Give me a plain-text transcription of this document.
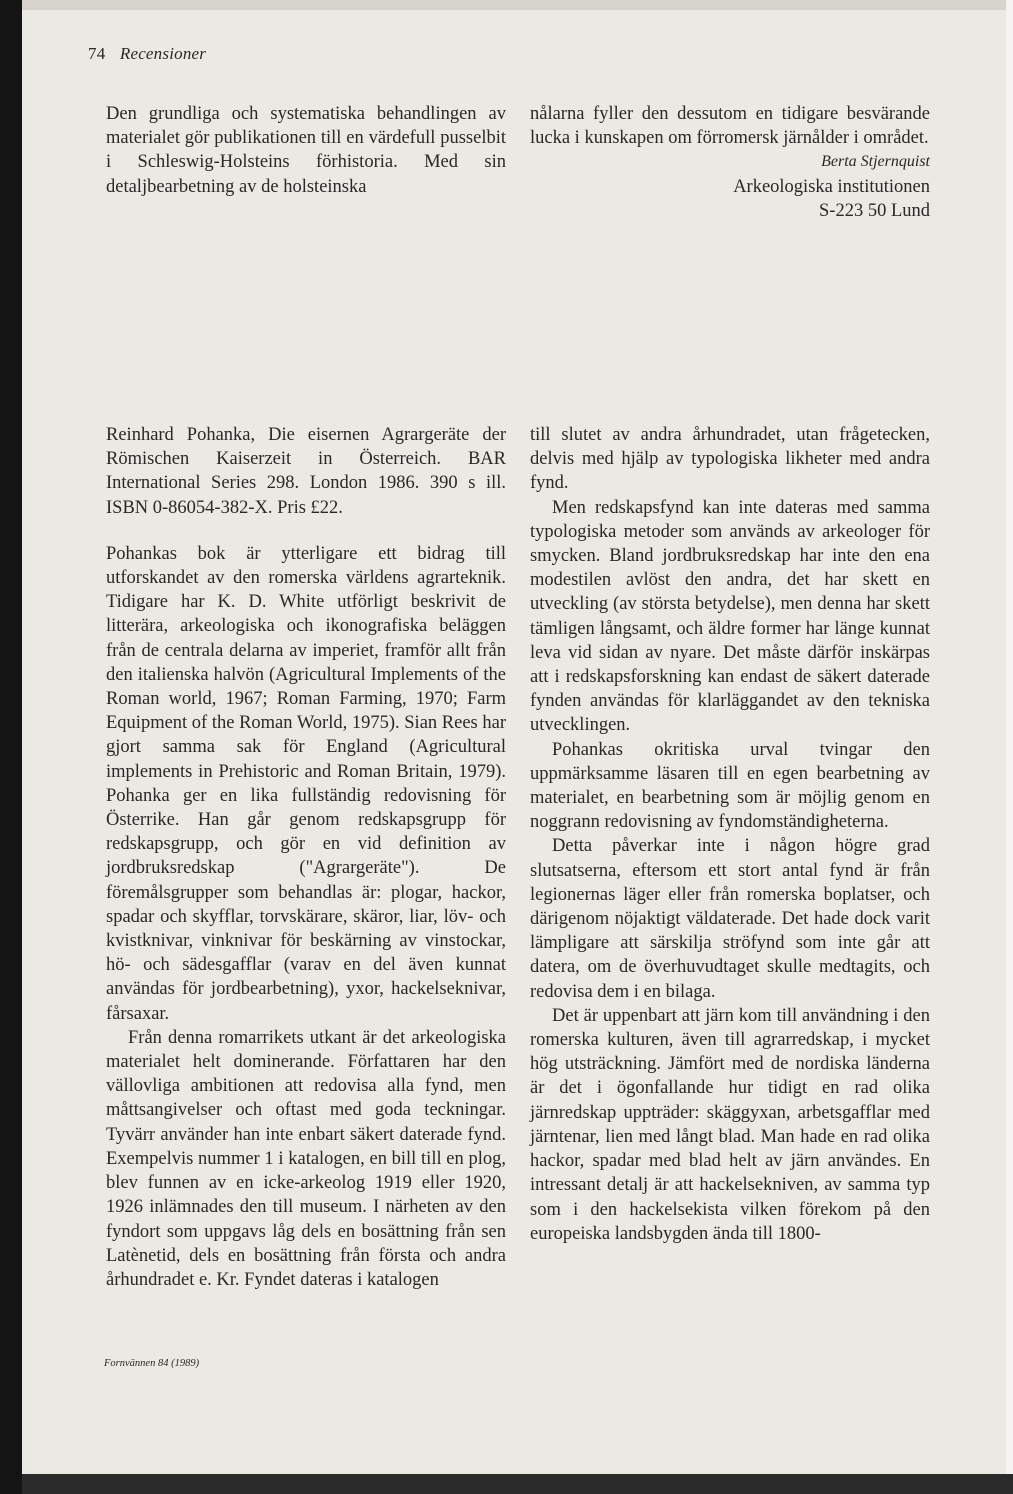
74 Recensioner

Den grundliga och systematiska behandlingen av materialet gör publikationen till en värdefull pusselbit i Schleswig-Holsteins förhistoria. Med sin detaljbearbetning av de holsteinska

nålarna fyller den dessutom en tidigare besvärande lucka i kunskapen om förromersk järnålder i området.

Berta Stjernquist
Arkeologiska institutionen
S-223 50 Lund

Reinhard Pohanka, Die eisernen Agrargeräte der Römischen Kaiserzeit in Österreich. BAR International Series 298. London 1986. 390 s ill. ISBN 0-86054-382-X. Pris £22.

Pohankas bok är ytterligare ett bidrag till utforskandet av den romerska världens agrarteknik. Tidigare har K. D. White utförligt beskrivit de litterära, arkeologiska och ikonografiska beläggen från de centrala delarna av imperiet, framför allt från den italienska halvön (Agricultural Implements of the Roman world, 1967; Roman Farming, 1970; Farm Equipment of the Roman World, 1975). Sian Rees har gjort samma sak för England (Agricultural implements in Prehistoric and Roman Britain, 1979). Pohanka ger en lika fullständig redovisning för Österrike. Han går genom redskapsgrupp för redskapsgrupp, och gör en vid definition av jordbruksredskap ("Agrargeräte"). De föremålsgrupper som behandlas är: plogar, hackor, spadar och skyfflar, torvskärare, skäror, liar, löv- och kvistknivar, vinknivar för beskärning av vinstockar, hö- och sädesgafflar (varav en del även kunnat användas för jordbearbetning), yxor, hackelseknivar, fårsaxar.

Från denna romarrikets utkant är det arkeologiska materialet helt dominerande. Författaren har den vällovliga ambitionen att redovisa alla fynd, men måttsangivelser och oftast med goda teckningar. Tyvärr använder han inte enbart säkert daterade fynd. Exempelvis nummer 1 i katalogen, en bill till en plog, blev funnen av en icke-arkeolog 1919 eller 1920, 1926 inlämnades den till museum. I närheten av den fyndort som uppgavs låg dels en bosättning från sen Latènetid, dels en bosättning från första och andra århundradet e. Kr. Fyndet dateras i katalogen

till slutet av andra århundradet, utan frågetecken, delvis med hjälp av typologiska likheter med andra fynd.

Men redskapsfynd kan inte dateras med samma typologiska metoder som används av arkeologer för smycken. Bland jordbruksredskap har inte den ena modestilen avlöst den andra, det har skett en utveckling (av största betydelse), men denna har skett tämligen långsamt, och äldre former har länge kunnat leva vid sidan av nyare. Det måste därför inskärpas att i redskapsforskning kan endast de säkert daterade fynden användas för klarläggandet av den tekniska utvecklingen.

Pohankas okritiska urval tvingar den uppmärksamme läsaren till en egen bearbetning av materialet, en bearbetning som är möjlig genom en noggrann redovisning av fyndomständigheterna.

Detta påverkar inte i någon högre grad slutsatserna, eftersom ett stort antal fynd är från legionernas läger eller från romerska boplatser, och därigenom nöjaktigt väldaterade. Det hade dock varit lämpligare att särskilja ströfynd som inte går att datera, om de överhuvudtaget skulle medtagits, och redovisa dem i en bilaga.

Det är uppenbart att järn kom till användning i den romerska kulturen, även till agrarredskap, i mycket hög utsträckning. Jämfört med de nordiska länderna är det i ögonfallande hur tidigt en rad olika järnredskap uppträder: skäggyxan, arbetsgafflar med järntenar, lien med långt blad. Man hade en rad olika hackor, spadar med blad helt av järn användes. En intressant detalj är att hackelsekniven, av samma typ som i den hackelsekista vilken förekom på den europeiska landsbygden ända till 1800-

Fornvännen 84 (1989)
